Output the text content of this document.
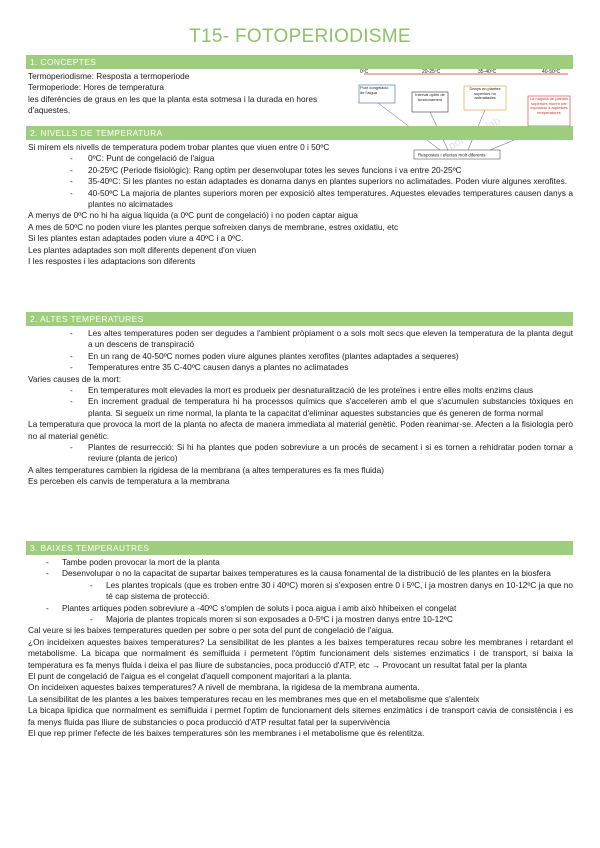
T15- FOTOPERIODISME
1. CONCEPTES

Termoperiodisme: Resposta a termoperiode

Termoperiode: Hores de temperatura

les diferències de graus en les que la planta esta sotmesa i la durada en hores d'aquestes.

0ºC	20-25ºC	35-40ºC	40-50ºC
Punt congelació de l'aigua	Interval òptim de funcionament
Danys en plantes superiors no aclimatades	La majoria de plantes superiors moren per exposició a aquestes temperatures
Respostes i efectes molt diferents
2. NIVELLS DE TEMPERATURA

Si mirem els nivells de temperatura podem trobar plantes que viuen entre 0 i 50ºC

- 0ºC: Punt de congelació de l'aigua
- 20-25ºC (Periode fisiològic): Rang optim per desenvolupar totes les seves funcions i va entre 20-25ºC
- 35-40ºC: Si les plantes no estan adaptades es donarna danys en plantes superiors no aclimatades. Poden viure algunes xerofites.
- 40-50ºC La majoria de plantes superiors moren per exposició altes temperatures. Aquestes elevades temperatures causen danys a plantes no alcimatades

A menys de 0ºC no hi ha aigua líquida (a 0ºC punt de congelació) i no poden captar aigua

A mes de 50ºC no poden viure les plantes perque sofreixen danys de membrane, estres oxidatiu, etc

Si les plantes estan adaptades poden viure a 40ºC i a 0ºC.

Les plantes adaptades son molt diferents depenent d'on viuen

I les respostes i les adaptacions son diferents

2. ALTES TEMPERATURES
- Les altes temperatures poden ser degudes a l'ambient pròpiament o a sols molt secs que eleven la temperatura de la planta degut a un descens de transpiració
- En un rang de 40-50ºC nomes poden viure algunes plantes xerofites (plantes adaptades a sequeres)
- Temperatures entre 35 C-40ºC causen danys a plantes no aclimatades

Varies causes de la mort:

- En temperatures molt elevades la mort es produeix per desnaturalització de les proteïnes i entre elles molts enzims claus
- En increment gradual de temperatura hi ha processos químics que s'acceleren amb el que s'acumulen substancies tòxiques en planta. Si segueix un rime normal, la planta te la capacitat d'eliminar aquestes substancies que és generen de forma normal

La temperatura que provoca la mort de la planta no afecta de manera immediata al material genètic. Poden reanimar-se. Afecten a la fisiologia però no al material genètic.

- Plantes de resurrecció: Si hi ha plantes que poden sobreviure a un procés de secament i si es tornen a rehidratar poden tornar a reviure (planta de jerico)

A altes temperatures cambien la rigidesa de la membrana (a altes temperatures es fa mes fluida)

Es perceben els canvis de temperatura a la membrana

3. BAIXES TEMPERAUTRES
- Tambe poden provocar la mort de la planta
- Desenvolupar o no la capacitat de supartar baixes temperatures es la causa fonamental de la distribució de les plantes en la biosfera
- Les plantes tropicals (que es troben entre 30 i 40ºC) moren si s'exposen entre 0 i 5ºC, i ja mostren danys en 10-12ºC ja que no té cap sistema de protecció.
- Plantes artiques poden sobreviure a -40ºC s'omplen de soluts i poca aigua i amb això hhibeixen el congelat
- Majoria de plantes tropicals moren si son exposades a 0-5ºC i ja mostren danys entre 10-12ºC

Cal veure si les baixes temperatures queden per sobre o per sota del punt de congelació de l'aigua.

¿On incideixen aquestes baixes temperatures? La sensibilitat de les plantes a les baixes temperatures recau sobre les membranes i retardant el metabolisme. La bicapa que normalment és semifluida i permetent l'òptim funcionament dels sistemes enzimatics i de transport, si baixa la temperatura es fa menys fluida i deixa el pas lliure de substancies, poca producció d'ATP, etc → Provocant un resultat fatal per la planta

El punt de congelació de l'aigua es el congelat d'aquell component majoritari a la planta.

On incideixen aquestes baixes temperatures? A nivell de membrana, la rigidesa de la membrana aumenta.

La sensibilitat de les plantes a les baixes temperatures recau en les membranes mes que en el metabolisme que s'alenteix

La bicapa lipídica que normalment es semifluida i permet l'optim de funcionament dels sitemes enzimàtics i de transport cavia de consistència i es fa menys fluida pas lliure de substancies o poca producció d'ATP resultat fatal per la supervivència

El que rep primer l'efecte de les baixes temperatures són les membranes i el metabolisme que és relentitza.
